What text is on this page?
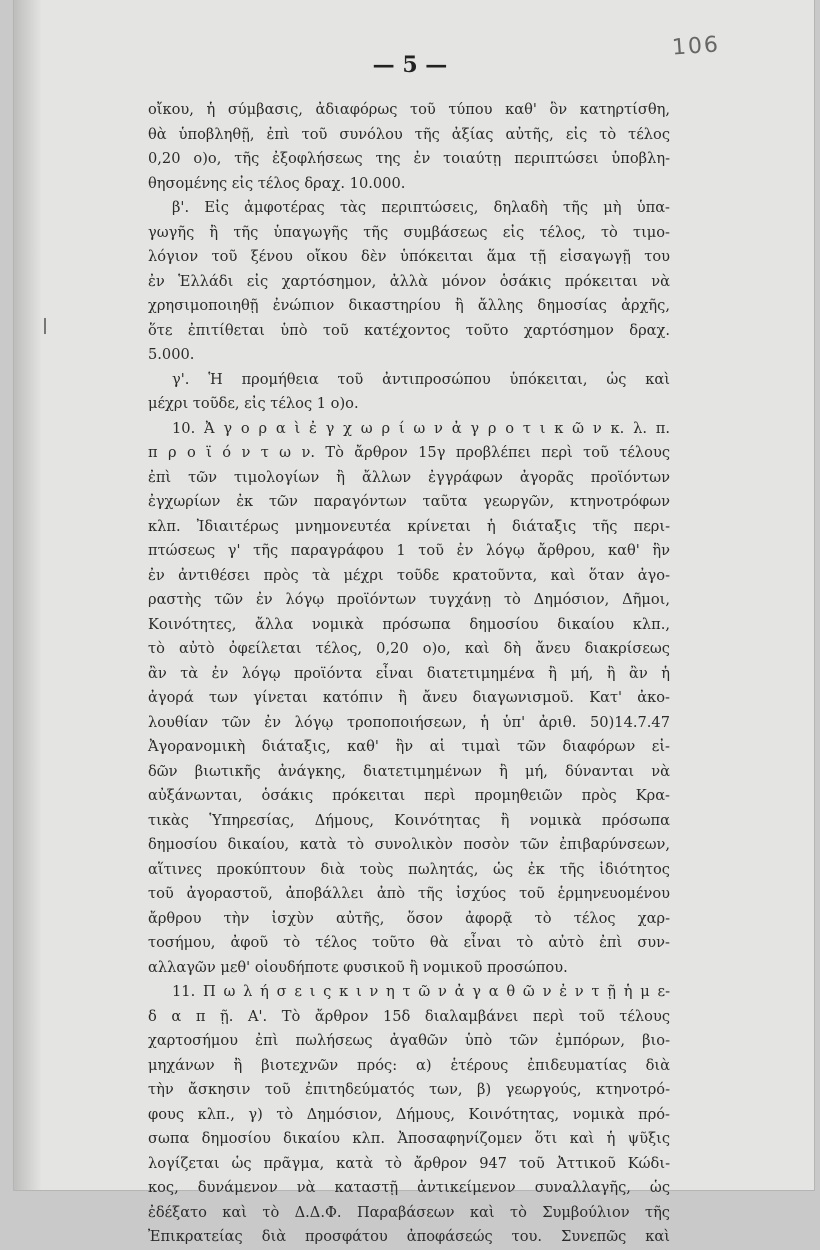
106
— 5 —
οἴκου, ἡ σύμβασις, ἀδιαφόρως τοῦ τύπου καθ' ὃν κατηρτίσθη,
θὰ ὑποβληθῇ, ἐπὶ τοῦ συνόλου τῆς ἀξίας αὐτῆς, εἰς τὸ τέλος
0,20 ο)ο, τῆς ἐξοφλήσεως της ἐν τοιαύτῃ περιπτώσει ὑποβλη-
θησομένης εἰς τέλος δραχ. 10.000.
β'. Εἰς ἀμφοτέρας τὰς περιπτώσεις, δηλαδὴ τῆς μὴ ὑπα-
γωγῆς ἢ τῆς ὑπαγωγῆς τῆς συμβάσεως εἰς τέλος, τὸ τιμο-
λόγιον τοῦ ξένου οἴκου δὲν ὑπόκειται ἅμα τῇ εἰσαγωγῇ του
ἐν Ἑλλάδι εἰς χαρτόσημον, ἀλλὰ μόνον ὁσάκις πρόκειται νὰ
χρησιμοποιηθῇ ἐνώπιον δικαστηρίου ἢ ἄλλης δημοσίας ἀρχῆς,
ὅτε ἐπιτίθεται ὑπὸ τοῦ κατέχοντος τοῦτο χαρτόσημον δραχ.
5.000.
γ'. Ἡ προμήθεια τοῦ ἀντιπροσώπου ὑπόκειται, ὡς καὶ
μέχρι τοῦδε, εἰς τέλος 1 ο)ο.
10. Ἀ γ ο ρ α ὶ ἐ γ χ ω ρ ί ω ν ἀ γ ρ ο τ ι κ ῶ ν κ. λ. π.
π ρ ο ϊ ό ν τ ω ν. Τὸ ἄρθρον 15γ προβλέπει περὶ τοῦ τέλους
ἐπὶ τῶν τιμολογίων ἢ ἄλλων ἐγγράφων ἀγορᾶς προϊόντων
ἐγχωρίων ἐκ τῶν παραγόντων ταῦτα γεωργῶν, κτηνοτρόφων
κλπ. Ἰδιαιτέρως μνημονευτέα κρίνεται ἡ διάταξις τῆς περι-
πτώσεως γ' τῆς παραγράφου 1 τοῦ ἐν λόγῳ ἄρθρου, καθ' ἣν
ἐν ἀντιθέσει πρὸς τὰ μέχρι τοῦδε κρατοῦντα, καὶ ὅταν ἀγο-
ραστὴς τῶν ἐν λόγῳ προϊόντων τυγχάνῃ τὸ Δημόσιον, Δῆμοι,
Κοινότητες, ἄλλα νομικὰ πρόσωπα δημοσίου δικαίου κλπ.,
τὸ αὐτὸ ὀφείλεται τέλος, 0,20 ο)ο, καὶ δὴ ἄνευ διακρίσεως
ἂν τὰ ἐν λόγῳ προϊόντα εἶναι διατετιμημένα ἢ μή, ἢ ἂν ἡ
ἀγορά των γίνεται κατόπιν ἢ ἄνευ διαγωνισμοῦ. Κατ' ἀκο-
λουθίαν τῶν ἐν λόγῳ τροποποιήσεων, ἡ ὑπ' ἀριθ. 50)14.7.47
Ἀγορανομικὴ διάταξις, καθ' ἣν αἱ τιμαὶ τῶν διαφόρων εἰ-
δῶν βιωτικῆς ἀνάγκης, διατετιμημένων ἢ μή, δύνανται νὰ
αὐξάνωνται, ὁσάκις πρόκειται περὶ προμηθειῶν πρὸς Κρα-
τικὰς Ὑπηρεσίας, Δήμους, Κοινότητας ἢ νομικὰ πρόσωπα
δημοσίου δικαίου, κατὰ τὸ συνολικὸν ποσὸν τῶν ἐπιβαρύνσεων,
αἵτινες προκύπτουν διὰ τοὺς πωλητάς, ὡς ἐκ τῆς ἰδιότητος
τοῦ ἀγοραστοῦ, ἀποβάλλει ἀπὸ τῆς ἰσχύος τοῦ ἑρμηνευομένου
ἄρθρου τὴν ἰσχὺν αὐτῆς, ὅσον ἀφορᾷ τὸ τέλος χαρ-
τοσήμου, ἀφοῦ τὸ τέλος τοῦτο θὰ εἶναι τὸ αὐτὸ ἐπὶ συν-
αλλαγῶν μεθ' οἱουδήποτε φυσικοῦ ἢ νομικοῦ προσώπου.
11. Π ω λ ή σ ε ι ς κ ι ν η τ ῶ ν ἀ γ α θ ῶ ν ἐ ν τ ῇ ἡ μ ε-
δ α π ῇ. Α'. Τὸ ἄρθρον 15δ διαλαμβάνει περὶ τοῦ τέλους
χαρτοσήμου ἐπὶ πωλήσεως ἀγαθῶν ὑπὸ τῶν ἐμπόρων, βιο-
μηχάνων ἢ βιοτεχνῶν πρός: α) ἑτέρους ἐπιδευματίας διὰ
τὴν ἄσκησιν τοῦ ἐπιτηδεύματός των, β) γεωργούς, κτηνοτρό-
φους κλπ., γ) τὸ Δημόσιον, Δήμους, Κοινότητας, νομικὰ πρό-
σωπα δημοσίου δικαίου κλπ. Ἀποσαφηνίζομεν ὅτι καὶ ἡ ψῦξις
λογίζεται ὡς πρᾶγμα, κατὰ τὸ ἄρθρον 947 τοῦ Ἀττικοῦ Κώδι-
κος, δυνάμενον νὰ καταστῇ ἀντικείμενον συναλλαγῆς, ὡς
ἐδέξατο καὶ τὸ Δ.Δ.Φ. Παραβάσεων καὶ τὸ Συμβούλιον τῆς
Ἐπικρατείας διὰ προσφάτου ἀποφάσεώς του. Συνεπῶς καὶ
